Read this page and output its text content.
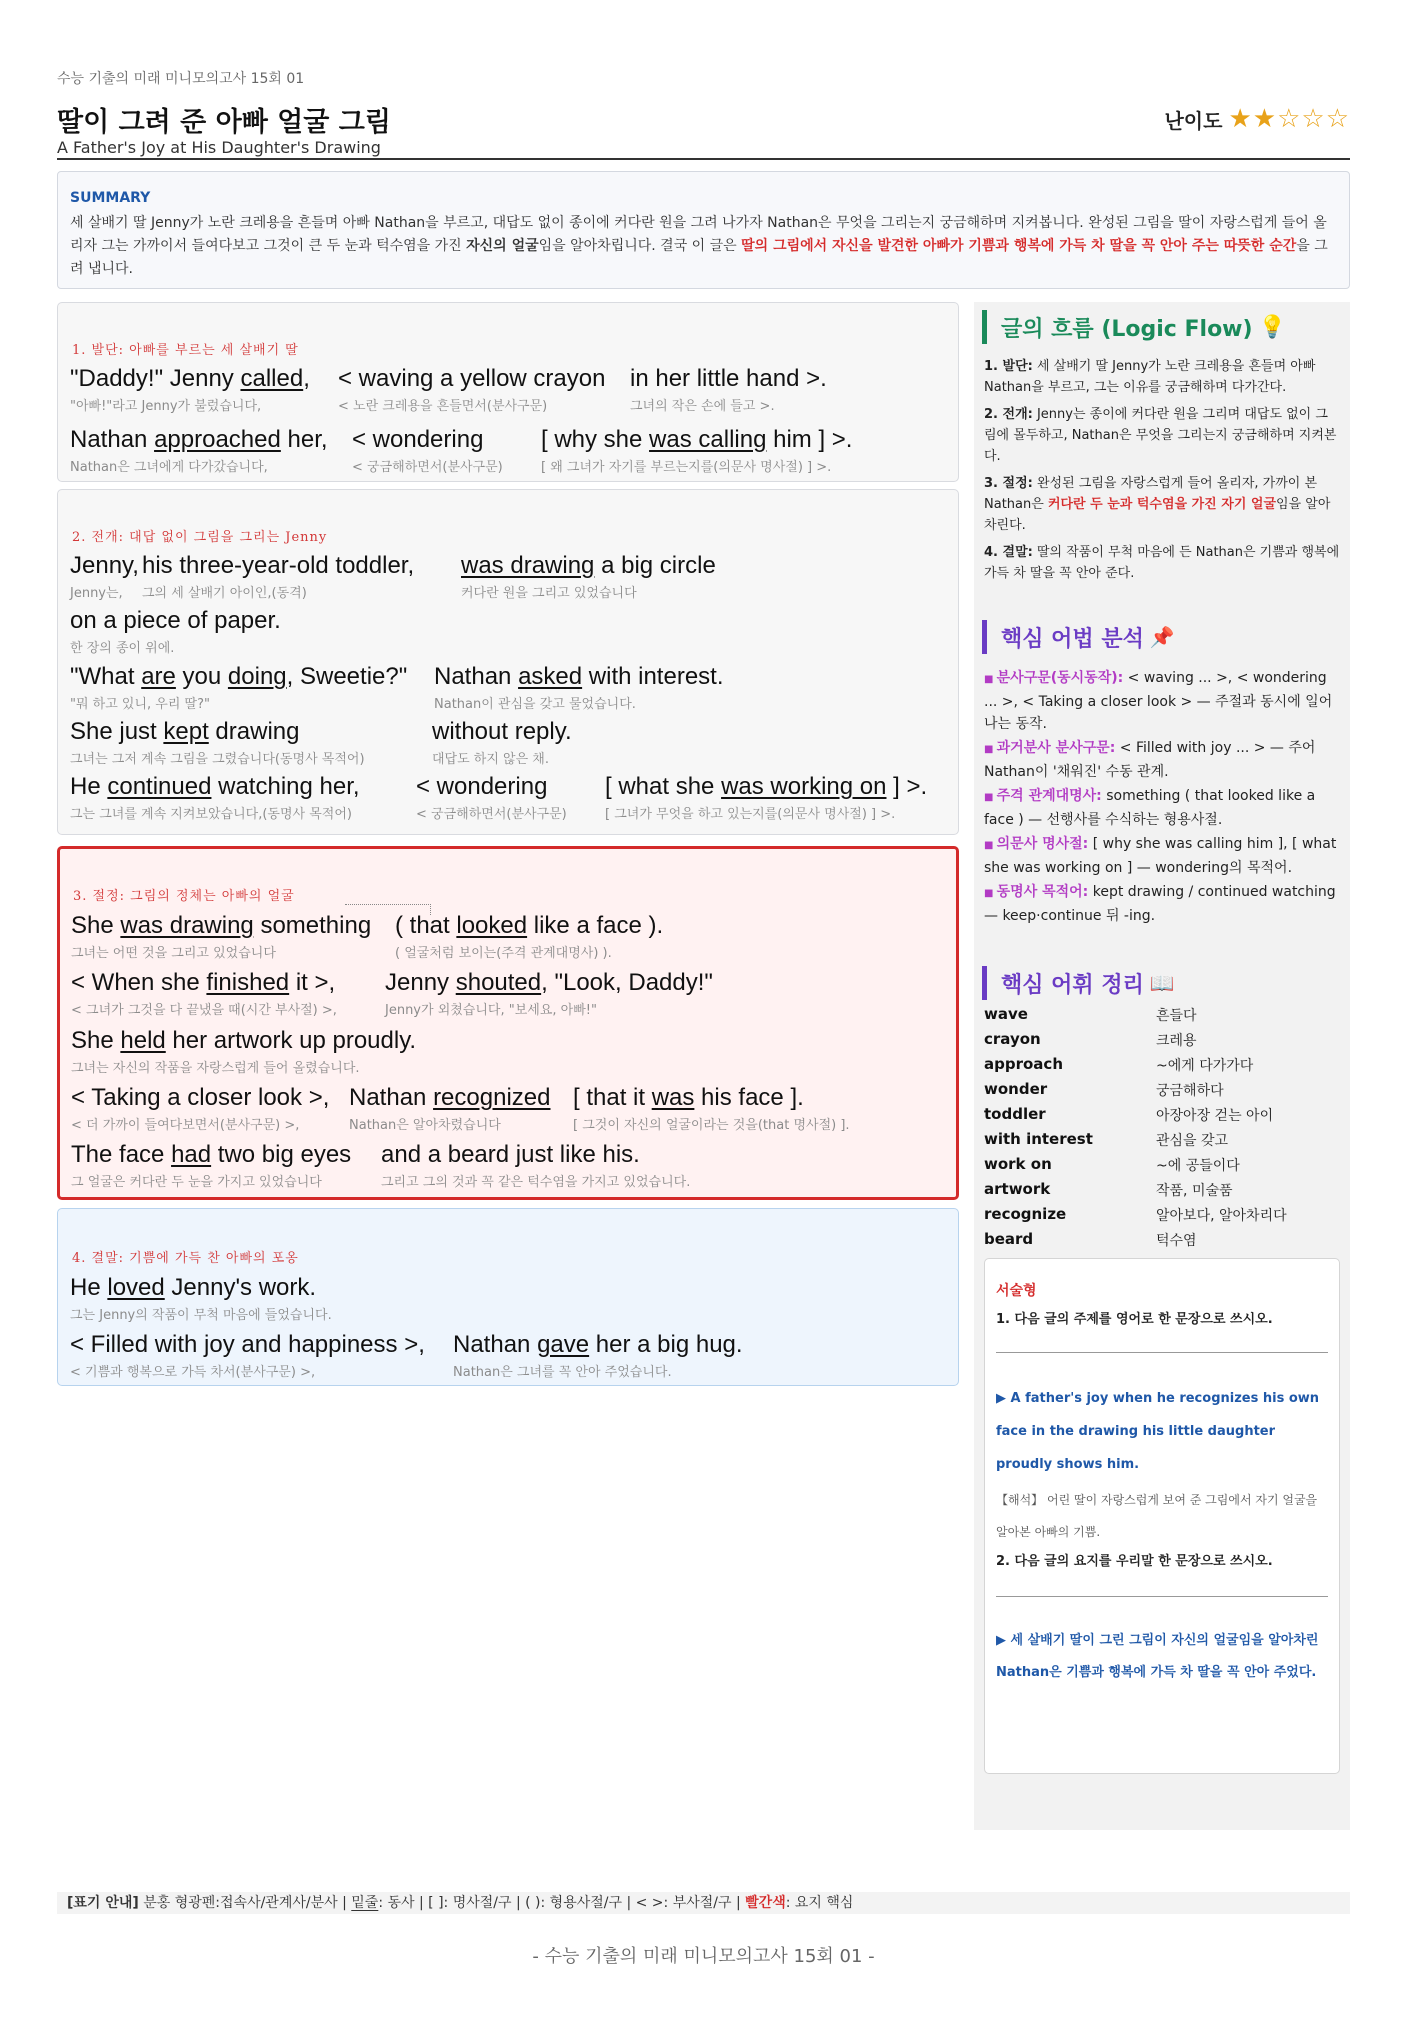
수능 기출의 미래 미니모의고사 15회 01
딸이 그려 준 아빠 얼굴 그림
A Father's Joy at His Daughter's Drawing
난이도 ★★☆☆☆
SUMMARY
세 살배기 딸 Jenny가 노란 크레용을 흔들며 아빠 Nathan을 부르고, 대답도 없이 종이에 커다란 원을 그려 나가자 Nathan은 무엇을 그리는지 궁금해하며 지켜봅니다. 완성된 그림을 딸이 자랑스럽게 들어 올리자 그는 가까이서 들여다보고 그것이 큰 두 눈과 턱수염을 가진 자신의 얼굴임을 알아차립니다. 결국 이 글은 딸의 그림에서 자신을 발견한 아빠가 기쁨과 행복에 가득 차 딸을 꼭 안아 주는 따뜻한 순간을 그려 냅니다.
1. 발단: 아빠를 부르는 세 살배기 딸
"Daddy!" Jenny called, < waving a yellow crayon in her little hand >.
"아빠!"라고 Jenny가 불렀습니다,	< 노란 크레용을 흔들면서(분사구문)	그녀의 작은 손에 들고 >.
Nathan approached her, < wondering [ why she was calling him ] >.
Nathan은 그녀에게 다가갔습니다,	< 궁금해하면서(분사구문)	[ 왜 그녀가 자기를 부르는지를(의문사 명사절) ] >.
2. 전개: 대답 없이 그림을 그리는 Jenny
Jenny, his three-year-old toddler, was drawing a big circle
Jenny는, 그의 세 살배기 아이인,(동격)	커다란 원을 그리고 있었습니다
on a piece of paper.
한 장의 종이 위에.
"What are you doing, Sweetie?" Nathan asked with interest.
"뭐 하고 있니, 우리 딸?"	Nathan이 관심을 갖고 물었습니다.
She just kept drawing	without reply.
그녀는 그저 계속 그림을 그렸습니다(동명사 목적어)	대답도 하지 않은 채.
He continued watching her, < wondering [ what she was working on ] >.
그는 그녀를 계속 지켜보았습니다,(동명사 목적어)	< 궁금해하면서(분사구문)	[ 그녀가 무엇을 하고 있는지를(의문사 명사절) ] >.
3. 절정: 그림의 정체는 아빠의 얼굴
She was drawing something ( that looked like a face ).
그녀는 어떤 것을 그리고 있었습니다	( 얼굴처럼 보이는(주격 관계대명사) ).
< When she finished it >, Jenny shouted, "Look, Daddy!"
< 그녀가 그것을 다 끝냈을 때(시간 부사절) >,	Jenny가 외쳤습니다, "보세요, 아빠!"
She held her artwork up proudly.
그녀는 자신의 작품을 자랑스럽게 들어 올렸습니다.
< Taking a closer look >, Nathan recognized [ that it was his face ].
< 더 가까이 들여다보면서(분사구문) >,	Nathan은 알아차렸습니다	[ 그것이 자신의 얼굴이라는 것을(that 명사절) ].
The face had two big eyes and a beard just like his.
그 얼굴은 커다란 두 눈을 가지고 있었습니다	그리고 그의 것과 꼭 같은 턱수염을 가지고 있었습니다.
4. 결말: 기쁨에 가득 찬 아빠의 포옹
He loved Jenny's work.
그는 Jenny의 작품이 무척 마음에 들었습니다.
< Filled with joy and happiness >, Nathan gave her a big hug.
< 기쁨과 행복으로 가득 차서(분사구문) >,	Nathan은 그녀를 꼭 안아 주었습니다.
글의 흐름 (Logic Flow) 💡
1. 발단: 세 살배기 딸 Jenny가 노란 크레용을 흔들며 아빠 Nathan을 부르고, 그는 이유를 궁금해하며 다가간다.
2. 전개: Jenny는 종이에 커다란 원을 그리며 대답도 없이 그림에 몰두하고, Nathan은 무엇을 그리는지 궁금해하며 지켜본다.
3. 절정: 완성된 그림을 자랑스럽게 들어 올리자, 가까이 본 Nathan은 커다란 두 눈과 턱수염을 가진 자기 얼굴임을 알아차린다.
4. 결말: 딸의 작품이 무척 마음에 든 Nathan은 기쁨과 행복에 가득 차 딸을 꼭 안아 준다.
핵심 어법 분석 📌
■ 분사구문(동시동작): < waving ... >, < wondering ... >, < Taking a closer look > — 주절과 동시에 일어나는 동작.
■ 과거분사 분사구문: < Filled with joy ... > — 주어 Nathan이 '채워진' 수동 관계.
■ 주격 관계대명사: something ( that looked like a face ) — 선행사를 수식하는 형용사절.
■ 의문사 명사절: [ why she was calling him ], [ what she was working on ] — wondering의 목적어.
■ 동명사 목적어: kept drawing / continued watching — keep·continue 뒤 -ing.
핵심 어휘 정리 📖
wave	흔들다
crayon	크레용
approach	~에게 다가가다
wonder	궁금해하다
toddler	아장아장 걷는 아이
with interest	관심을 갖고
work on	~에 공들이다
artwork	작품, 미술품
recognize	알아보다, 알아차리다
beard	턱수염
서술형
1. 다음 글의 주제를 영어로 한 문장으로 쓰시오.
▶ A father's joy when he recognizes his own face in the drawing his little daughter proudly shows him.
【해석】 어린 딸이 자랑스럽게 보여 준 그림에서 자기 얼굴을 알아본 아빠의 기쁨.
2. 다음 글의 요지를 우리말 한 문장으로 쓰시오.
▶ 세 살배기 딸이 그린 그림이 자신의 얼굴임을 알아차린 Nathan은 기쁨과 행복에 가득 차 딸을 꼭 안아 주었다.
[표기 안내] 분홍 형광펜:접속사/관계사/분사 | 밑줄: 동사 | [ ]: 명사절/구 | ( ): 형용사절/구 | < >: 부사절/구 | 빨간색: 요지 핵심
- 수능 기출의 미래 미니모의고사 15회 01 -
